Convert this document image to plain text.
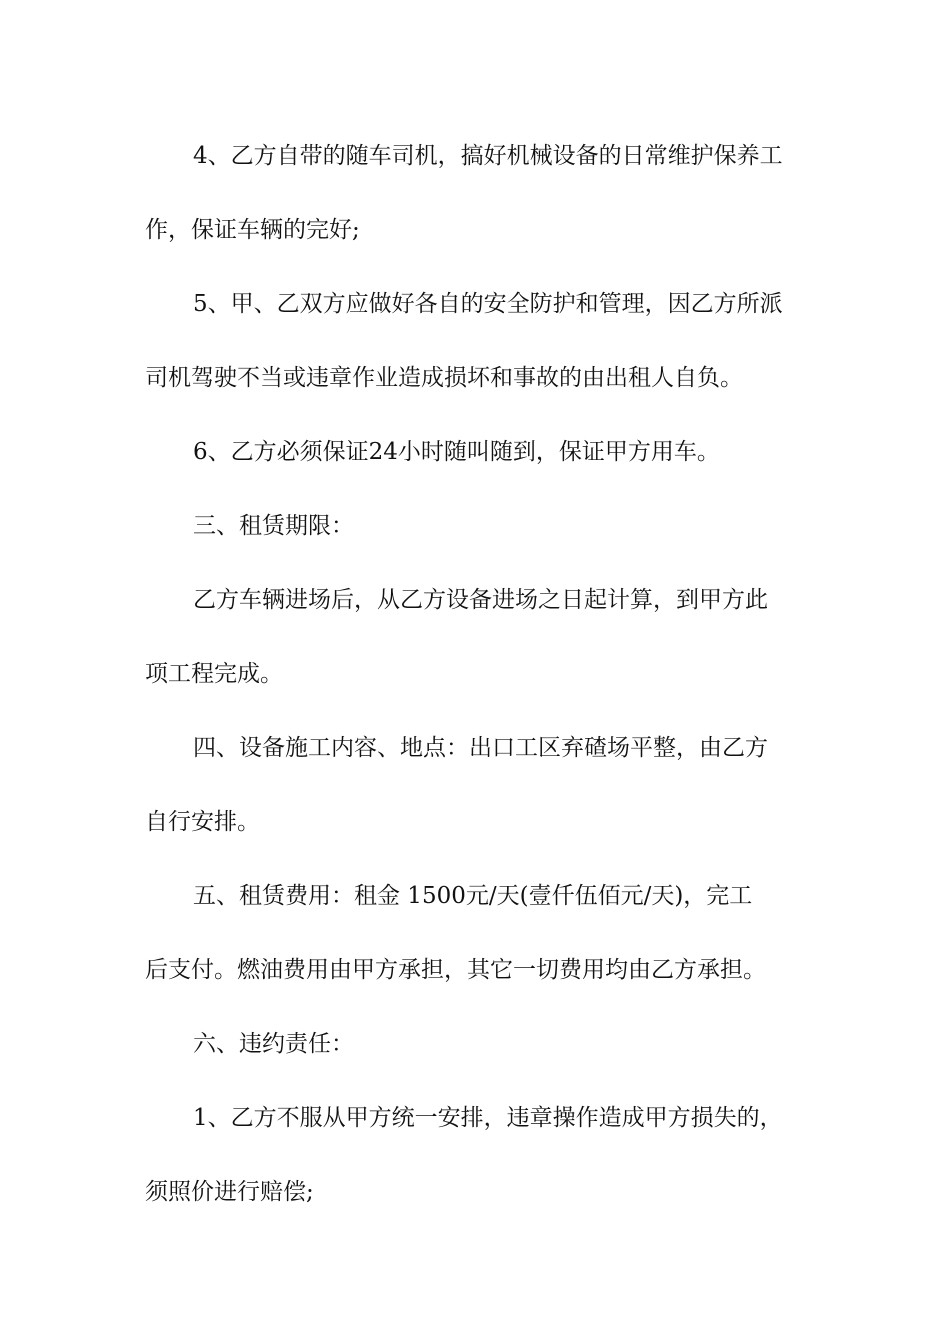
4、乙方自带的随车司机，搞好机械设备的日常维护保养工
作，保证车辆的完好;
5、甲、乙双方应做好各自的安全防护和管理，因乙方所派
司机驾驶不当或违章作业造成损坏和事故的由出租人自负。
6、乙方必须保证24小时随叫随到，保证甲方用车。
三、租赁期限：
乙方车辆进场后，从乙方设备进场之日起计算，到甲方此
项工程完成。
四、设备施工内容、地点：出口工区弃碴场平整，由乙方
自行安排。
五、租赁费用：租金 1500元/天(壹仟伍佰元/天)，完工
后支付。燃油费用由甲方承担，其它一切费用均由乙方承担。
六、违约责任：
1、乙方不服从甲方统一安排，违章操作造成甲方损失的，
须照价进行赔偿;
